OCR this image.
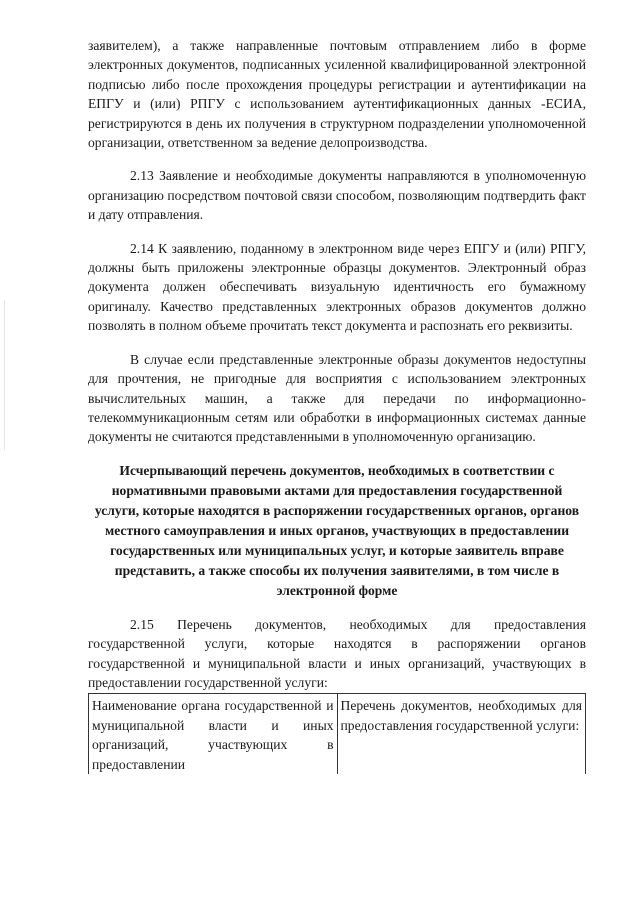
заявителем), а также направленные почтовым отправлением либо в форме электронных документов, подписанных усиленной квалифицированной электронной подписью либо после прохождения процедуры регистрации и аутентификации на ЕПГУ и (или) РПГУ с использованием аутентификационных данных -ЕСИА, регистрируются в день их получения в структурном подразделении уполномоченной организации, ответственном за ведение делопроизводства.

2.13 Заявление и необходимые документы направляются в уполномоченную организацию посредством почтовой связи способом, позволяющим подтвердить факт и дату отправления.

2.14 К заявлению, поданному в электронном виде через ЕПГУ и (или) РПГУ, должны быть приложены электронные образцы документов. Электронный образ документа должен обеспечивать визуальную идентичность его бумажному оригиналу. Качество представленных электронных образов документов должно позволять в полном объеме прочитать текст документа и распознать его реквизиты.

В случае если представленные электронные образы документов недоступны для прочтения, не пригодные для восприятия с использованием электронных вычислительных машин, а также для передачи по информационно-телекоммуникационным сетям или обработки в информационных системах данные документы не считаются представленными в уполномоченную организацию.

Исчерпывающий перечень документов, необходимых в соответствии с нормативными правовыми актами для предоставления государственной услуги, которые находятся в распоряжении государственных органов, органов местного самоуправления и иных органов, участвующих в предоставлении государственных или муниципальных услуг, и которые заявитель вправе представить, а также способы их получения заявителями, в том числе в электронной форме

2.15 Перечень документов, необходимых для предоставления государственной услуги, которые находятся в распоряжении органов государственной и муниципальной власти и иных организаций, участвующих в предоставлении государственной услуги:

Наименование органа государственной и муниципальной власти и иных организаций, участвующих в предоставлении	Перечень документов, необходимых для предоставления государственной услуги:
